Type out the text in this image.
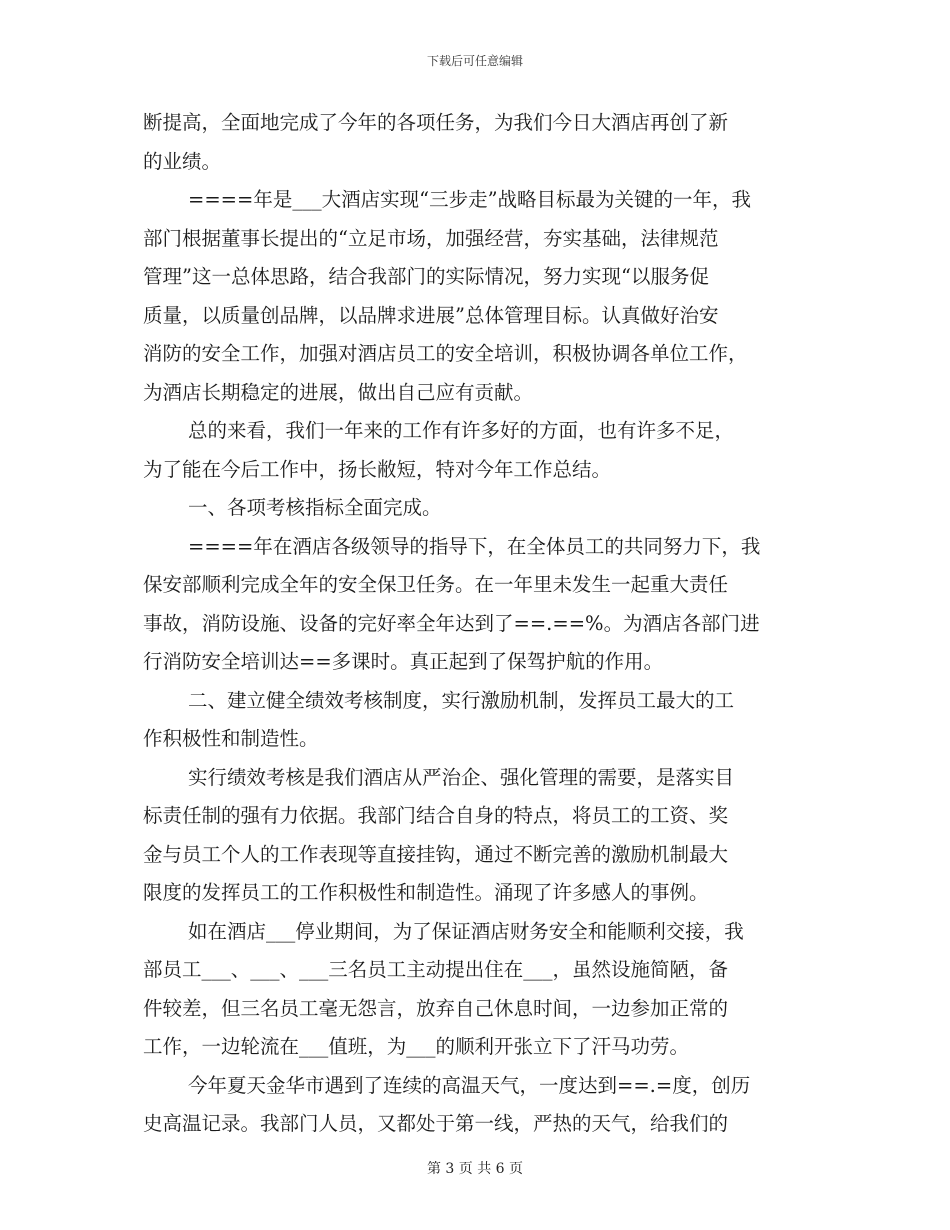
下载后可任意编辑
断提高，全面地完成了今年的各项任务，为我们今日大酒店再创了新
的业绩。
====年是___大酒店实现“三步走”战略目标最为关键的一年，我
部门根据董事长提出的“立足市场，加强经营，夯实基础，法律规范
管理”这一总体思路，结合我部门的实际情况，努力实现“以服务促
质量，以质量创品牌，以品牌求进展”总体管理目标。认真做好治安
消防的安全工作，加强对酒店员工的安全培训，积极协调各单位工作，
为酒店长期稳定的进展，做出自己应有贡献。
总的来看，我们一年来的工作有许多好的方面，也有许多不足，
为了能在今后工作中，扬长敝短，特对今年工作总结。
一、各项考核指标全面完成。
====年在酒店各级领导的指导下，在全体员工的共同努力下，我
保安部顺利完成全年的安全保卫任务。在一年里未发生一起重大责任
事故，消防设施、设备的完好率全年达到了==.==%。为酒店各部门进
行消防安全培训达==多课时。真正起到了保驾护航的作用。
二、建立健全绩效考核制度，实行激励机制，发挥员工最大的工
作积极性和制造性。
实行绩效考核是我们酒店从严治企、强化管理的需要，是落实目
标责任制的强有力依据。我部门结合自身的特点，将员工的工资、奖
金与员工个人的工作表现等直接挂钩，通过不断完善的激励机制最大
限度的发挥员工的工作积极性和制造性。涌现了许多感人的事例。
如在酒店___停业期间，为了保证酒店财务安全和能顺利交接，我
部员工___、___、___三名员工主动提出住在___，虽然设施简陋，备
件较差，但三名员工毫无怨言，放弃自己休息时间，一边参加正常的
工作，一边轮流在___值班，为___的顺利开张立下了汗马功劳。
今年夏天金华市遇到了连续的高温天气，一度达到==.=度，创历
史高温记录。我部门人员，又都处于第一线，严热的天气，给我们的
第 3 页 共 6 页
